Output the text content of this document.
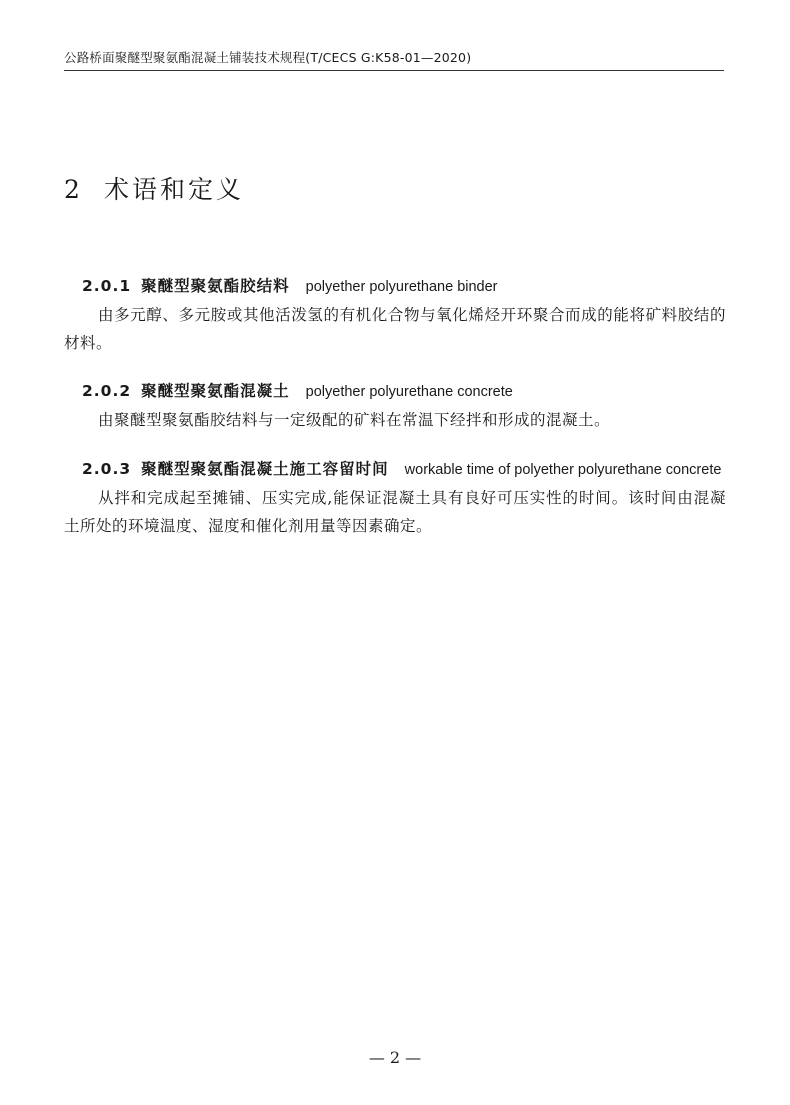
公路桥面聚醚型聚氨酯混凝土铺装技术规程(T/CECS G:K58-01—2020)
2 术语和定义
2.0.1 聚醚型聚氨酯胶结料 polyether polyurethane binder
由多元醇、多元胺或其他活泼氢的有机化合物与氧化烯烃开环聚合而成的能将矿料胶结的材料。
2.0.2 聚醚型聚氨酯混凝土 polyether polyurethane concrete
由聚醚型聚氨酯胶结料与一定级配的矿料在常温下经拌和形成的混凝土。
2.0.3 聚醚型聚氨酯混凝土施工容留时间 workable time of polyether polyurethane concrete
从拌和完成起至摊铺、压实完成,能保证混凝土具有良好可压实性的时间。该时间由混凝土所处的环境温度、湿度和催化剂用量等因素确定。
— 2 —
